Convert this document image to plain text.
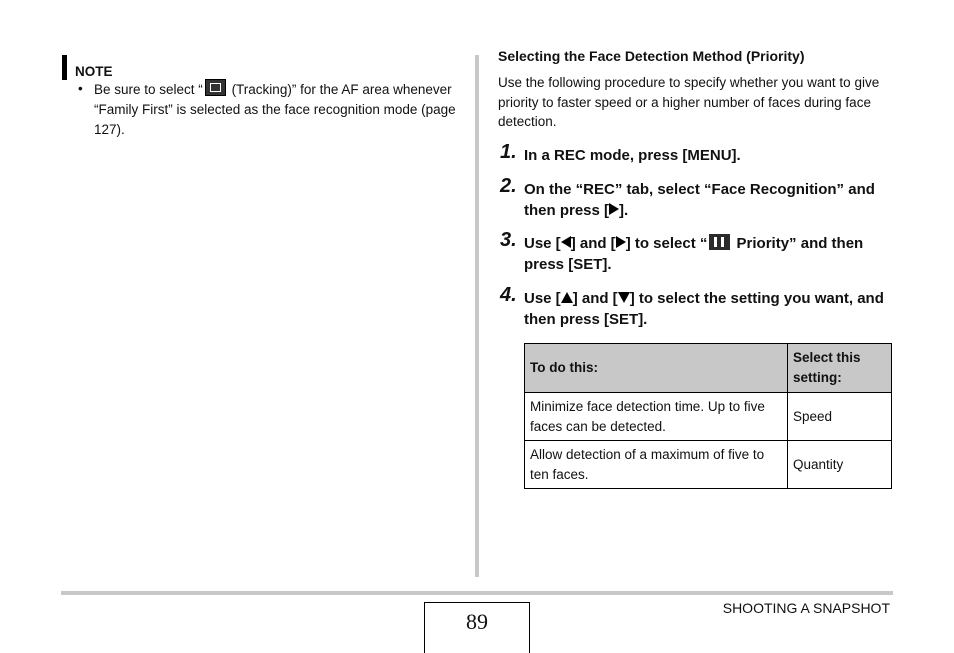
NOTE
• Be sure to select “ (Tracking)” for the AF area whenever “Family First” is selected as the face recognition mode (page 127).
Selecting the Face Detection Method (Priority)
Use the following procedure to specify whether you want to give priority to faster speed or a higher number of faces during face detection.
1. In a REC mode, press [MENU].
2. On the “REC” tab, select “Face Recognition” and then press [ ].
3. Use [ ] and [ ] to select “ Priority” and then press [SET].
4. Use [ ] and [ ] to select the setting you want, and then press [SET].
To do this:	Select this setting:
Minimize face detection time. Up to five faces can be detected.	Speed
Allow detection of a maximum of five to ten faces.	Quantity
89
SHOOTING A SNAPSHOT
